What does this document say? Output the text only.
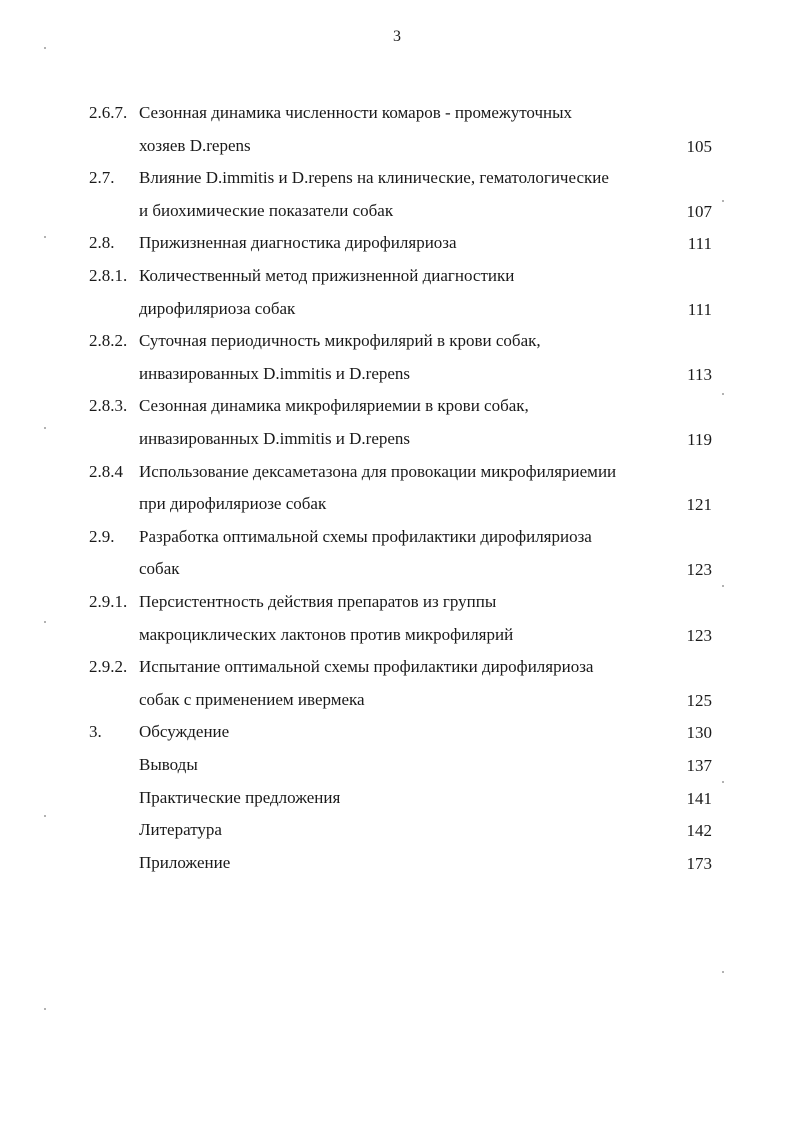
3
2.6.7. Сезонная динамика численности комаров - промежуточных
хозяев D.repens	105
2.7. Влияние D.immitis и D.repens на клинические, гематологические
и биохимические показатели собак	107
2.8. Прижизненная диагностика дирофиляриоза	111
2.8.1. Количественный метод прижизненной диагностики
дирофиляриоза собак	111
2.8.2. Суточная периодичность микрофилярий в крови собак,
инвазированных D.immitis и D.repens	113
2.8.3. Сезонная динамика микрофиляриемии в крови собак,
инвазированных D.immitis и D.repens	119
2.8.4 Использование дексаметазона для провокации микрофиляриемии
при дирофиляриозе собак	121
2.9. Разработка оптимальной схемы профилактики дирофиляриоза
собак	123
2.9.1. Персистентность действия препаратов из группы
макроциклических лактонов против микрофилярий	123
2.9.2. Испытание оптимальной схемы профилактики дирофиляриоза
собак с применением ивермека	125
3. Обсуждение	130
Выводы	137
Практические предложения	141
Литература	142
Приложение	173
